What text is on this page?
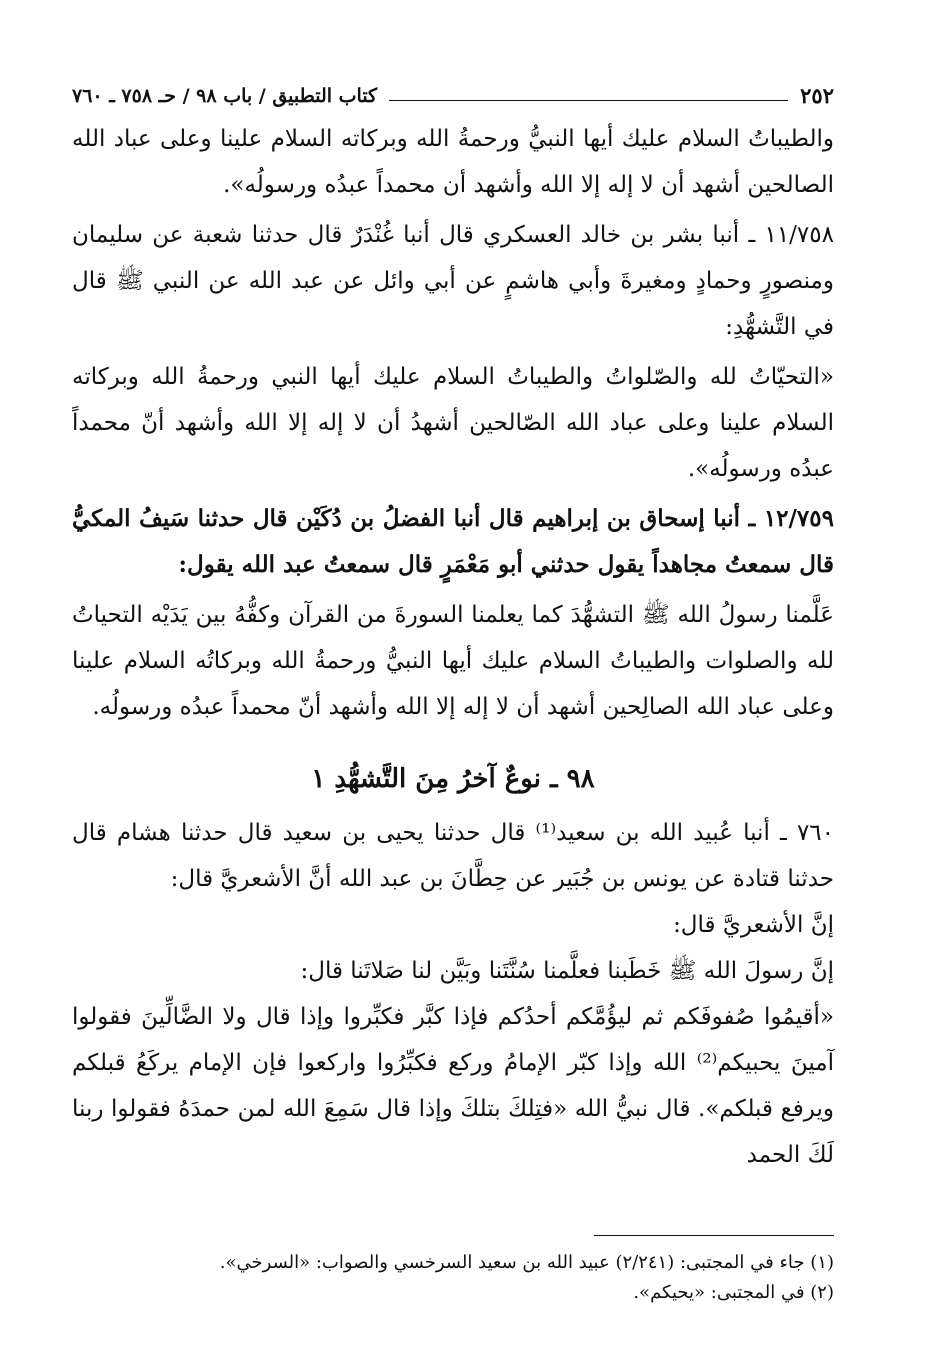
٢٥٢
كتاب التطبيق / باب ٩٨ / حـ ٧٥٨ ـ ٧٦٠

والطيباتُ السلام عليك أيها النبيُّ ورحمةُ الله وبركاته السلام علينا وعلى عباد الله الصالحين أشهد أن لا إله إلا الله وأشهد أن محمداً عبدُه ورسولُه».

١١/٧٥٨ ـ أنبا بشر بن خالد العسكري قال أنبا غُنْدَرٌ قال حدثنا شعبة عن سليمان ومنصورٍ وحمادٍ ومغيرةَ وأبي هاشمٍ عن أبي وائل عن عبد الله عن النبي ﷺ قال في التَّشهُّدِ:

«التحيّاتُ لله والصّلواتُ والطيباتُ السلام عليك أيها النبي ورحمةُ الله وبركاته السلام علينا وعلى عباد الله الصّالحين أشهدُ أن لا إله إلا الله وأشهد أنّ محمداً عبدُه ورسولُه».

١٢/٧٥٩ ـ أنبا إسحاق بن إبراهيم قال أنبا الفضلُ بن دُكَيْن قال حدثنا سَيفُ المكيُّ قال سمعتُ مجاهداً يقول حدثني أبو مَعْمَرٍ قال سمعتُ عبد الله يقول:

عَلَّمنا رسولُ الله ﷺ التشهُّدَ كما يعلمنا السورةَ من القرآن وكفُّهُ بين يَدَيْه التحياتُ لله والصلوات والطيباتُ السلام عليك أيها النبيُّ ورحمةُ الله وبركاتُه السلام علينا وعلى عباد الله الصالِحين أشهد أن لا إله إلا الله وأشهد أنّ محمداً عبدُه ورسولُه.

٩٨ ـ نوعٌ آخرُ مِنَ التَّشهُّدِ ١

٧٦٠ ـ أنبا عُبيد الله بن سعيد⁽¹⁾ قال حدثنا يحيى بن سعيد قال حدثنا هشام قال حدثنا قتادة عن يونس بن جُبَير عن حِطَّانَ بن عبد الله أنَّ الأشعريَّ قال:

إنَّ الأشعريَّ قال:

إنَّ رسولَ الله ﷺ خَطَبنا فعلَّمنا سُنَّتَنا وبَيَّن لنا صَلاتَنا قال:

«أقيمُوا صُفوفَكم ثم ليؤُمَّكم أحدُكم فإذا كبَّر فكبِّروا وإذا قال ولا الضَّالِّينَ فقولوا آمينَ يحبيكم⁽²⁾ الله وإذا كبّر الإمامُ وركع فكبِّرُوا واركعوا فإن الإمام يركَعُ قبلكم ويرفع قبلكم». قال نبيُّ الله «فتِلكَ بتلكَ وإذا قال سَمِعَ الله لمن حمدَهُ فقولوا ربنا لَكَ الحمد

(١) جاء في المجتبى: (٢/٢٤١) عبيد الله بن سعيد السرخسي والصواب: «السرخي».

(٢) في المجتبى: «يحيكم».
